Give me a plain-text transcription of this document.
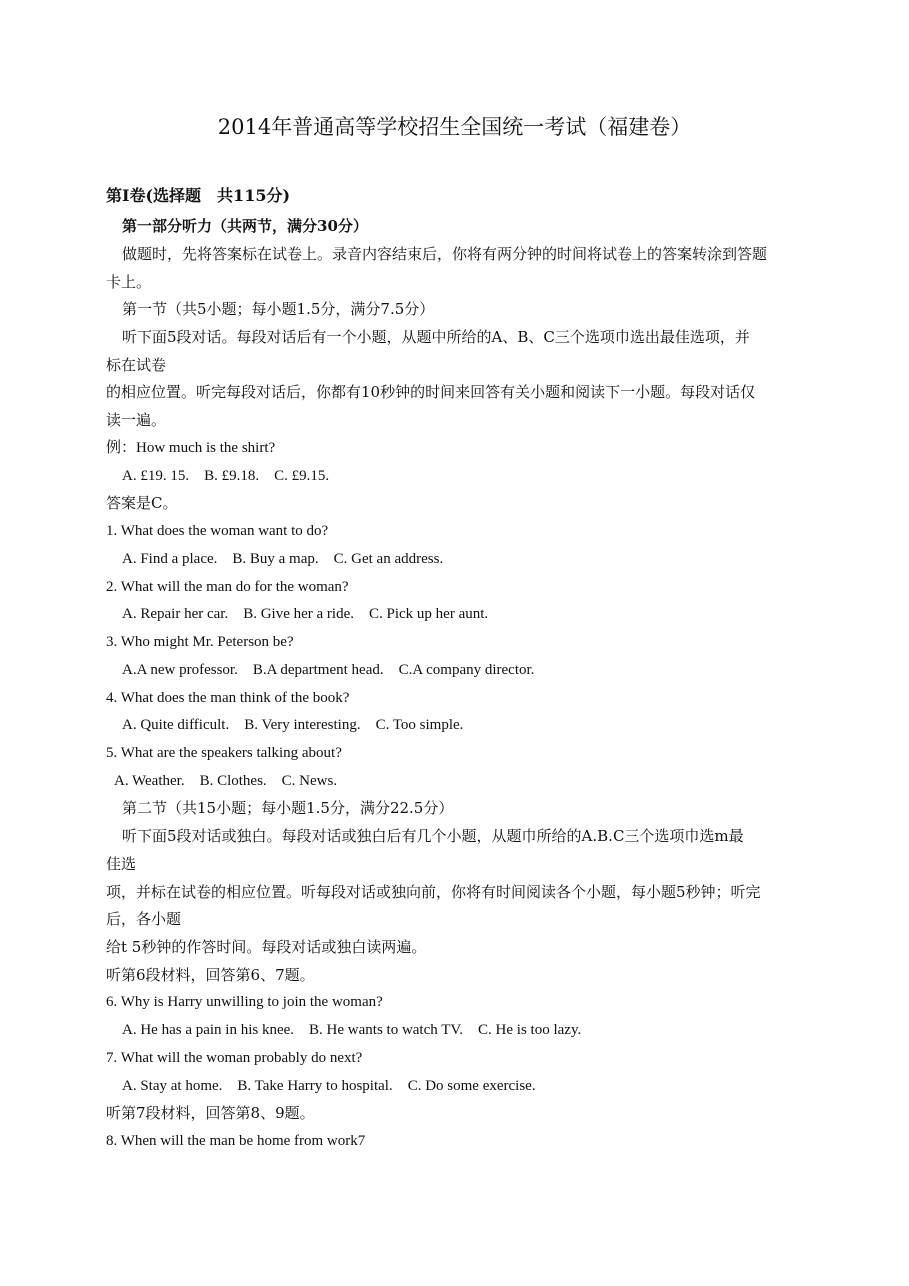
2014年普通高等学校招生全国统一考试（福建卷）
第Ⅰ卷(选择题　共115分)
第一部分听力（共两节，满分30分）
做题时，先将答案标在试卷上。录音内容结束后，你将有两分钟的时间将试卷上的答案转涂到答题
卡上。
第一节（共5小题；每小题1.5分，满分7.5分）
听下面5段对话。每段对话后有一个小题，从题中所给的A、B、C三个选项巾选出最佳选项，并
标在试卷
的相应位置。听完每段对话后，你都有10秒钟的时间来回答有关小题和阅读下一小题。每段对话仅
读一遍。
例：How much is the shirt?
A. £19. 15.　B. £9.18.　C. £9.15.
答案是C。
1. What does the woman want to do?
A. Find a place.　B. Buy a map.　C. Get an address.
2. What will the man do for the woman?
A. Repair her car.　B. Give her a ride.　C. Pick up her aunt.
3. Who might Mr. Peterson be?
A.A new professor.　B.A department head.　C.A company director.
4. What does the man think of the book?
A. Quite difficult.　B. Very interesting.　C. Too simple.
5. What are the speakers talking about?
A. Weather.　B. Clothes.　C. News.
第二节（共15小题；每小题1.5分，满分22.5分）
听下面5段对话或独白。每段对话或独白后有几个小题，从题巾所给的A.B.C三个选项巾选m最
佳选
项，并标在试卷的相应位置。听每段对话或独向前，你将有时间阅读各个小题，每小题5秒钟；听完
后，各小题
给t 5秒钟的作答时间。每段对话或独白读两遍。
听第6段材料，回答第6、7题。
6. Why is Harry unwilling to join the woman?
A. He has a pain in his knee.　B. He wants to watch TV.　C. He is too lazy.
7. What will the woman probably do next?
A. Stay at home.　B. Take Harry to hospital.　C. Do some exercise.
听第7段材料，回答第8、9题。
8. When will the man be home from work7
